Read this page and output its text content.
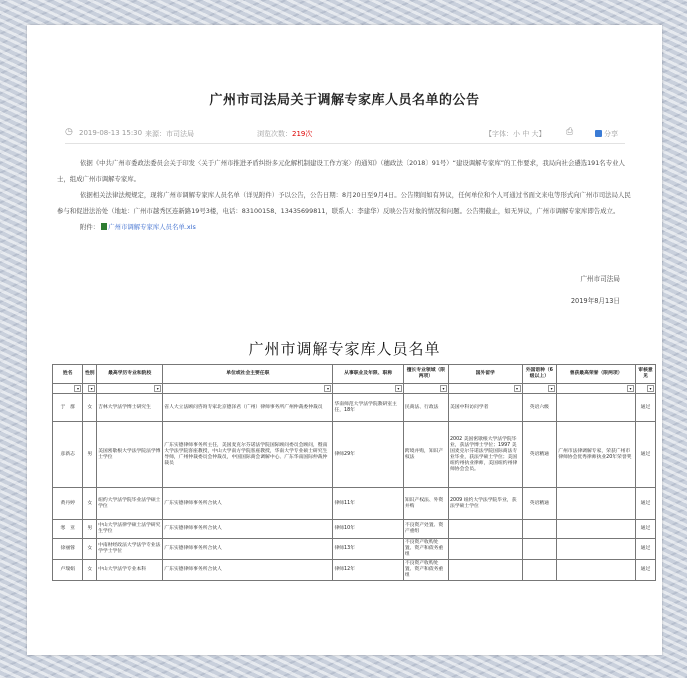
广州市司法局关于调解专家库人员名单的公告
◷ 2019-08-13 15:30 来源：市司法局	浏览次数：219次	【字体：小 中 大】 ⎙	分享

依据《中共广州市委政法委员会关于印发〈关于广州市推进矛盾纠纷多元化解机制建设工作方案〉的通知》（穗政法〔2018〕91号）“建设调解专家库”的工作要求，我局向社会遴选191名专业人士，组成广州市调解专家库。

依据相关法律法规规定，现将广州市调解专家库人员名单（详见附件）予以公告，公告日期：8月20日至9月4日。公告期间如有异议，任何单位和个人可通过书面文来电等形式向广州市司法局人民参与和促进法治处（地址：广州市越秀区连新路19号3楼，电话：83100158、13435699811，联系人：李建华）反映公告对象的情况和问题。公告期截止，如无异议，广州市调解专家库即告成立。

附件： 广州市调解专家库人员名单.xls

广州市司法局
2019年8月13日
广州市调解专家库人员名单
姓名	性别	最高学历专业和院校	单位或社会主要任职	从事职业及年限、职称	擅长专业领域（限两项）	国外留学	外国语种（6级以上）	曾获最高荣誉（限两项）	审核意见

▾	▾	▾	▾	▾	▾	▾	▾	▾	▾

于　群	女	吉林大学法学博士研究生	省人大立法顾问咨询专家北京德泽君（广州）律师事务所广州仲裁委仲裁员	华南师范大学法学院教研室主任，18年	民商法、行政法	美国中科访问学者	英语六级		通过
彦新志	男	美国密歇根大学法学院法学博士学位	广东实德律师事务所主任，美国麦克尔芬诺法学院国际顾问委员会顾问，暨南大学法学院客座教授，中山大学南方学院客座教授，华南大学专业硕士研究生导师，广州仲裁委员会仲裁员，中国国际商会调解中心、广东华南国际仲裁仲裁员	律师29年	跨境并购，知识产权法	2002 美国密歇根大学法学院毕业，获法学博士学位；1997 美国麦克尔芬诺法学院国际商法专业毕业，获法学硕士学位；美国纽约州执业律师，美国纽约州律师协会会员。	英语精通	广州市法律调解专家，荣获广州市律师协会优秀律师执业20年荣誉奖	通过
黄丹婷	女	纽约大学法学院毕业法学硕士学位	广东实德律师事务所合伙人	律师11年	知识产权法、外资并购	2009 纽约大学法学院毕业，获法学硕士学位	英语精通		通过
寒　亚	男	中山大学法律学硕士法学研究生学位	广东实德律师事务所合伙人	律师10年	不良资产处置、资产重组				通过
徐丽蓉	女	中南财经政法大学法学专业法学学士学位	广东实德律师事务所合伙人	律师13年	不良资产收购处置、资产和债务重组				通过
卢瑞娟	女	中山大学法学专业本科	广东实德律师事务所合伙人	律师12年	不良资产收购处置、资产和债务重组				通过
